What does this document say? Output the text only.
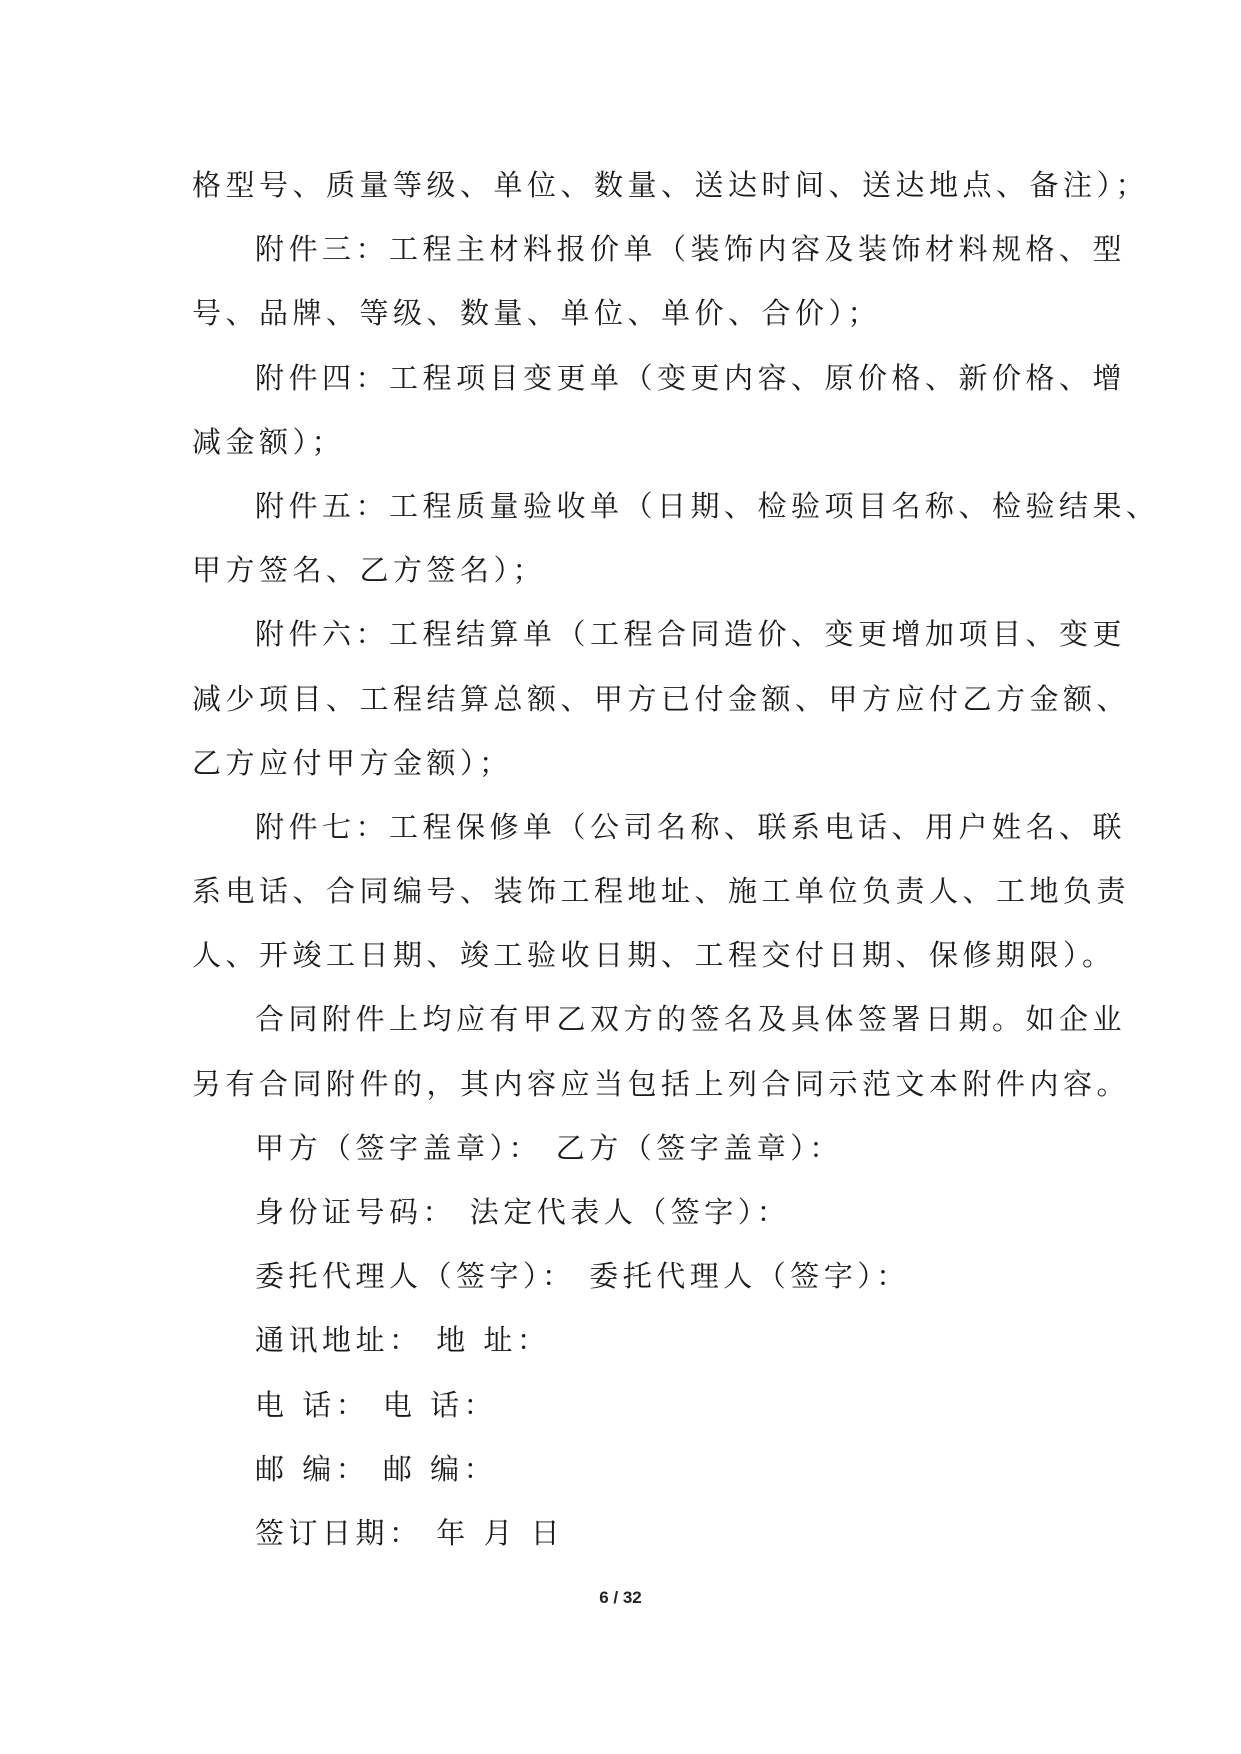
格型号、质量等级、单位、数量、送达时间、送达地点、备注）；
附件三：工程主材料报价单（装饰内容及装饰材料规格、型
号、品牌、等级、数量、单位、单价、合价）；
附件四：工程项目变更单（变更内容、原价格、新价格、增
减金额）；
附件五：工程质量验收单（日期、检验项目名称、检验结果、
甲方签名、乙方签名）；
附件六：工程结算单（工程合同造价、变更增加项目、变更
减少项目、工程结算总额、甲方已付金额、甲方应付乙方金额、
乙方应付甲方金额）；
附件七：工程保修单（公司名称、联系电话、用户姓名、联
系电话、合同编号、装饰工程地址、施工单位负责人、工地负责
人、开竣工日期、竣工验收日期、工程交付日期、保修期限）。
合同附件上均应有甲乙双方的签名及具体签署日期。如企业
另有合同附件的，其内容应当包括上列合同示范文本附件内容。
甲方（签字盖章）： 乙方（签字盖章）：
身份证号码： 法定代表人（签字）：
委托代理人（签字）： 委托代理人（签字）：
通讯地址： 地 址：
电 话： 电 话：
邮 编： 邮 编：
签订日期： 年 月 日
6 / 32
